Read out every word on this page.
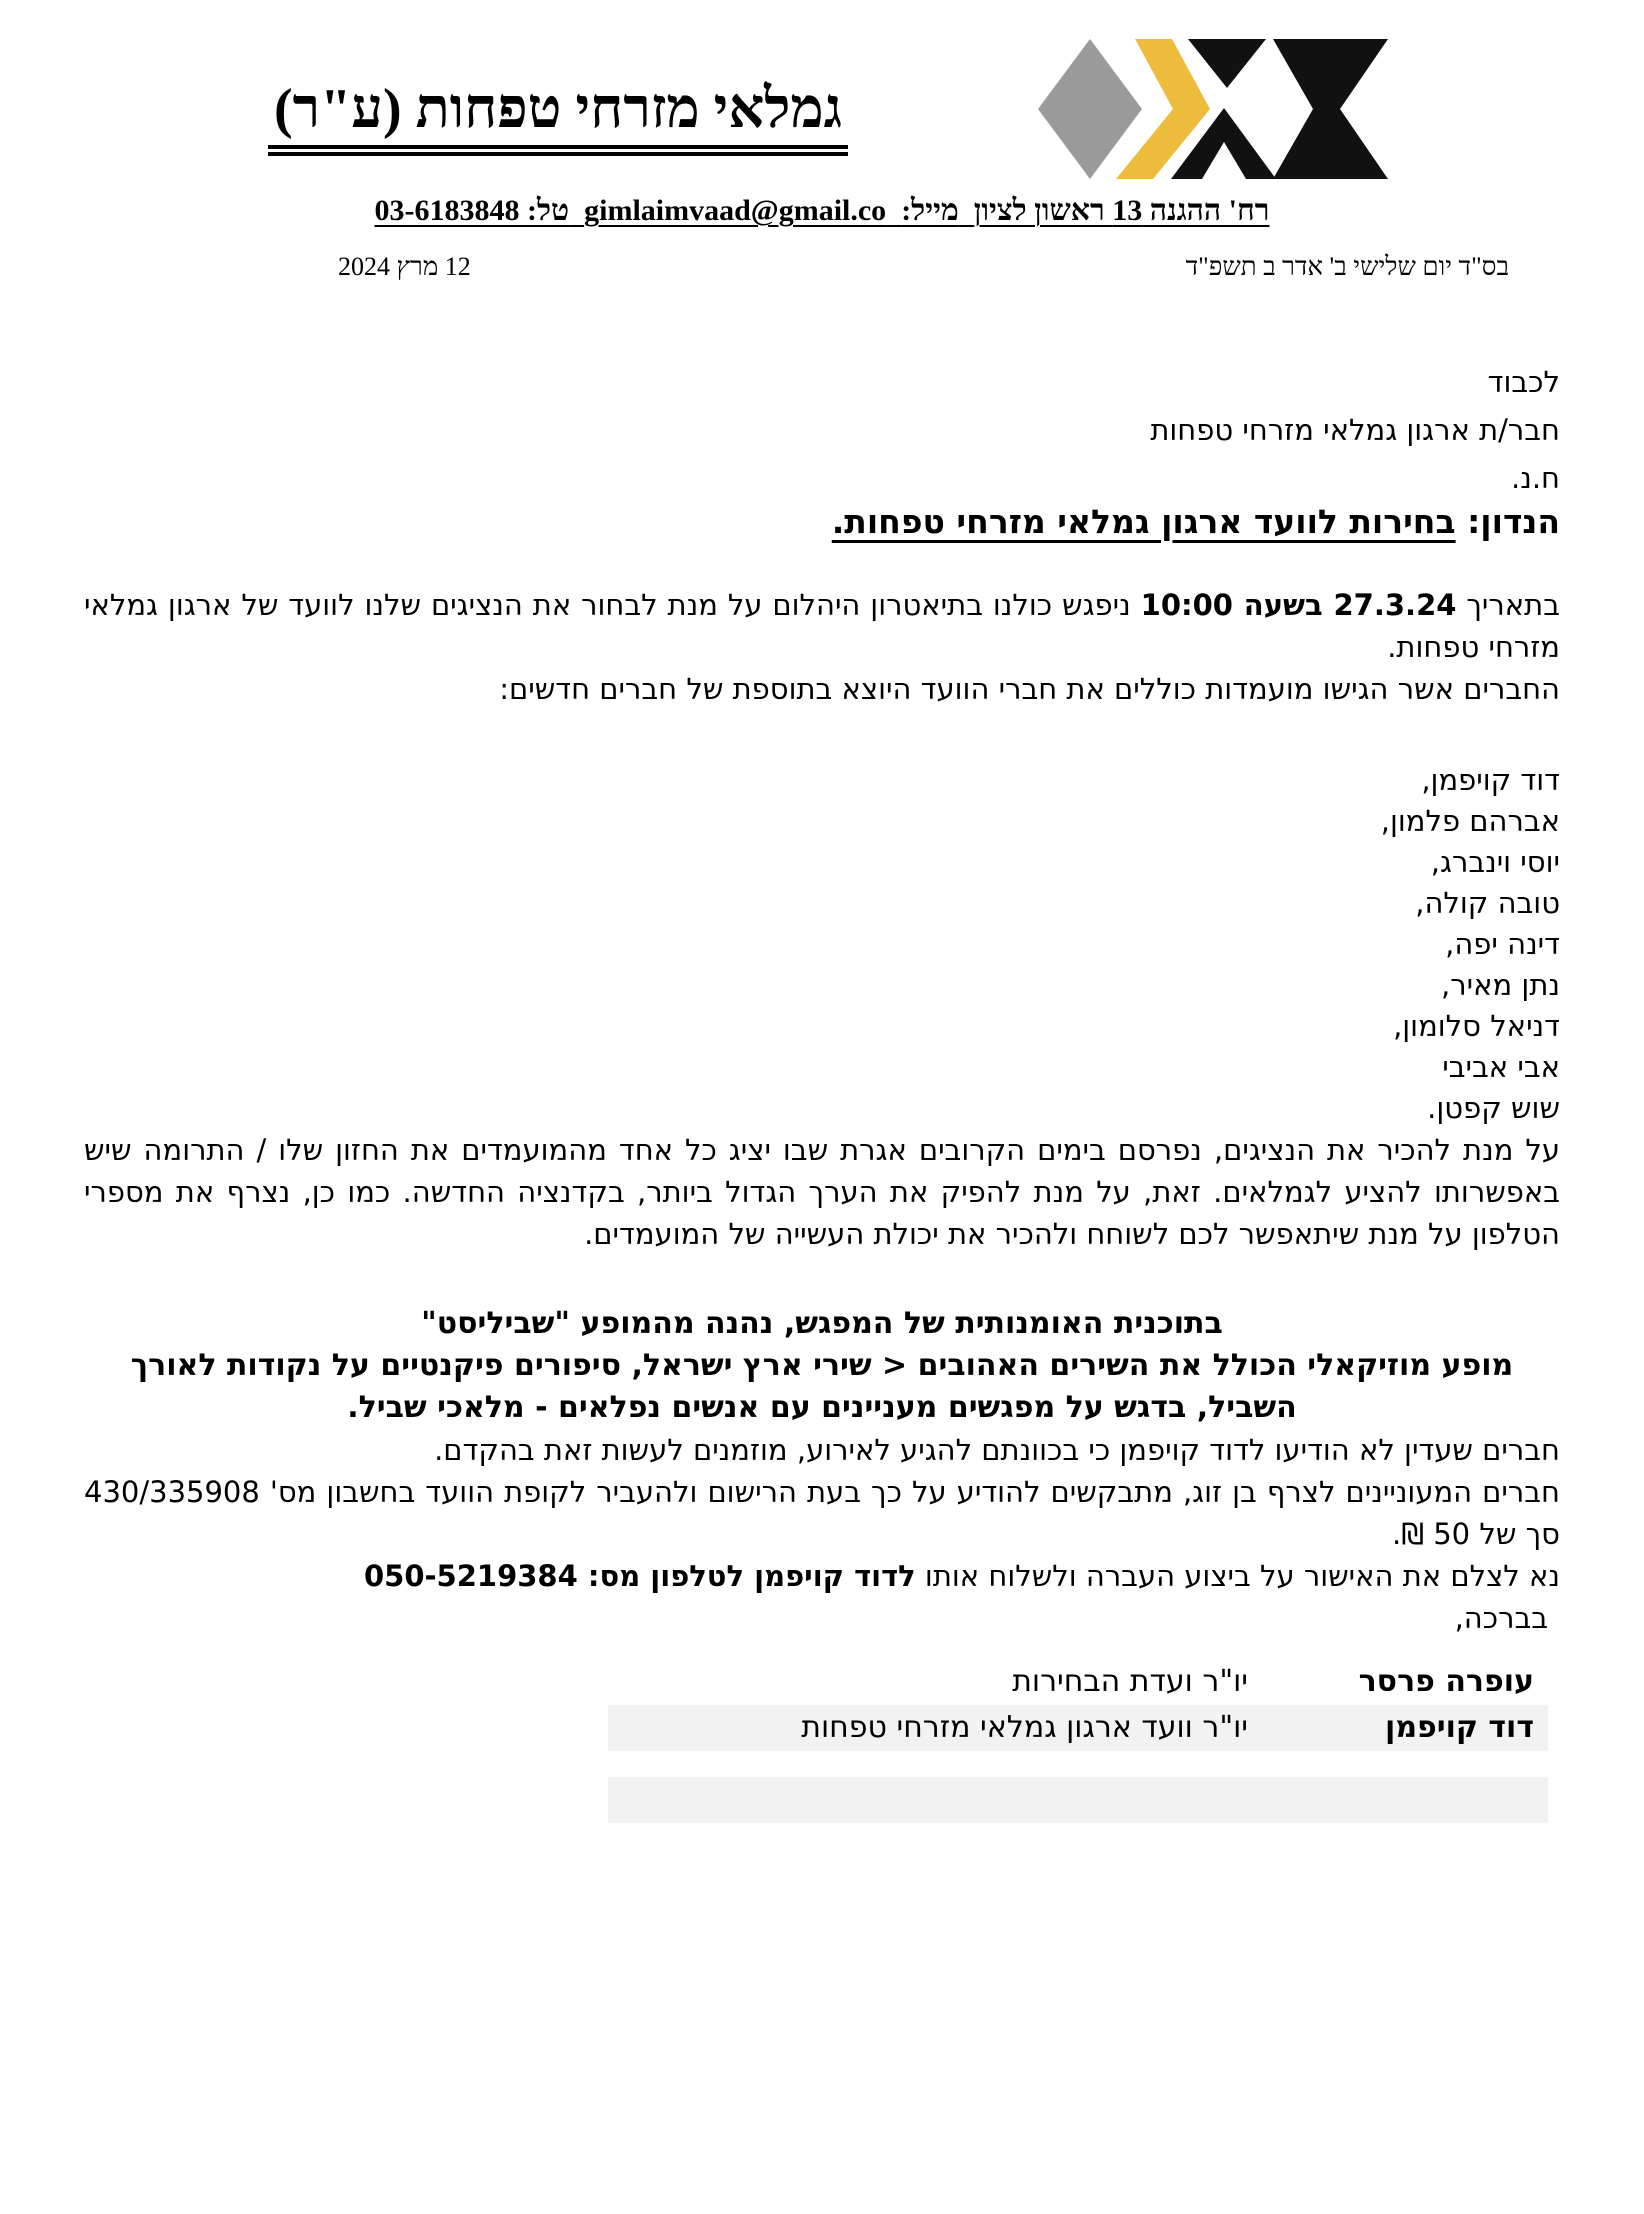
גמלאי מזרחי טפחות (ע"ר)
רח' ההגנה 13 ראשון לציון  מייל:  gimlaimvaad@gmail.co  טל: 03-6183848
בס"ד יום שלישי ב' אדר ב תשפ"ד
12 מרץ 2024
לכבוד
חבר/ת ארגון גמלאי מזרחי טפחות
ח.נ.

הנדון: בחירות לוועד ארגון גמלאי מזרחי טפחות.

בתאריך 27.3.24 בשעה 10:00 ניפגש כולנו בתיאטרון היהלום על מנת לבחור את הנציגים שלנו לוועד של ארגון גמלאי מזרחי טפחות.

החברים אשר הגישו מועמדות כוללים את חברי הוועד היוצא בתוספת של חברים חדשים:

דוד קויפמן,
אברהם פלמון,
יוסי וינברג,
טובה קולה,
דינה יפה,
נתן מאיר,
דניאל סלומון,
אבי אביבי
שוש קפטן.

על מנת להכיר את הנציגים, נפרסם בימים הקרובים אגרת שבו יציג כל אחד מהמועמדים את החזון שלו / התרומה שיש באפשרותו להציע לגמלאים. זאת, על מנת להפיק את הערך הגדול ביותר, בקדנציה החדשה. כמו כן, נצרף את מספרי הטלפון על מנת שיתאפשר לכם לשוחח ולהכיר את יכולת העשייה של המועמדים.

בתוכנית האומנותית של המפגש, נהנה מהמופע "שביליסט"

מופע מוזיקאלי הכולל את השירים האהובים < שירי ארץ ישראל, סיפורים פיקנטיים על נקודות לאורך השביל, בדגש על מפגשים מעניינים עם אנשים נפלאים - מלאכי שביל.

חברים שעדין לא הודיעו לדוד קויפמן כי בכוונתם להגיע לאירוע, מוזמנים לעשות זאת בהקדם.

חברים המעוניינים לצרף בן זוג, מתבקשים להודיע על כך בעת הרישום ולהעביר לקופת הוועד בחשבון מס' 430/335908 סך של 50 ₪.

נא לצלם את האישור על ביצוע העברה ולשלוח אותו לדוד קויפמן לטלפון מס: 050-5219384

בברכה,

עופרה פרסר
יו"ר ועדת הבחירות
דוד קויפמן
יו"ר וועד ארגון גמלאי מזרחי טפחות
